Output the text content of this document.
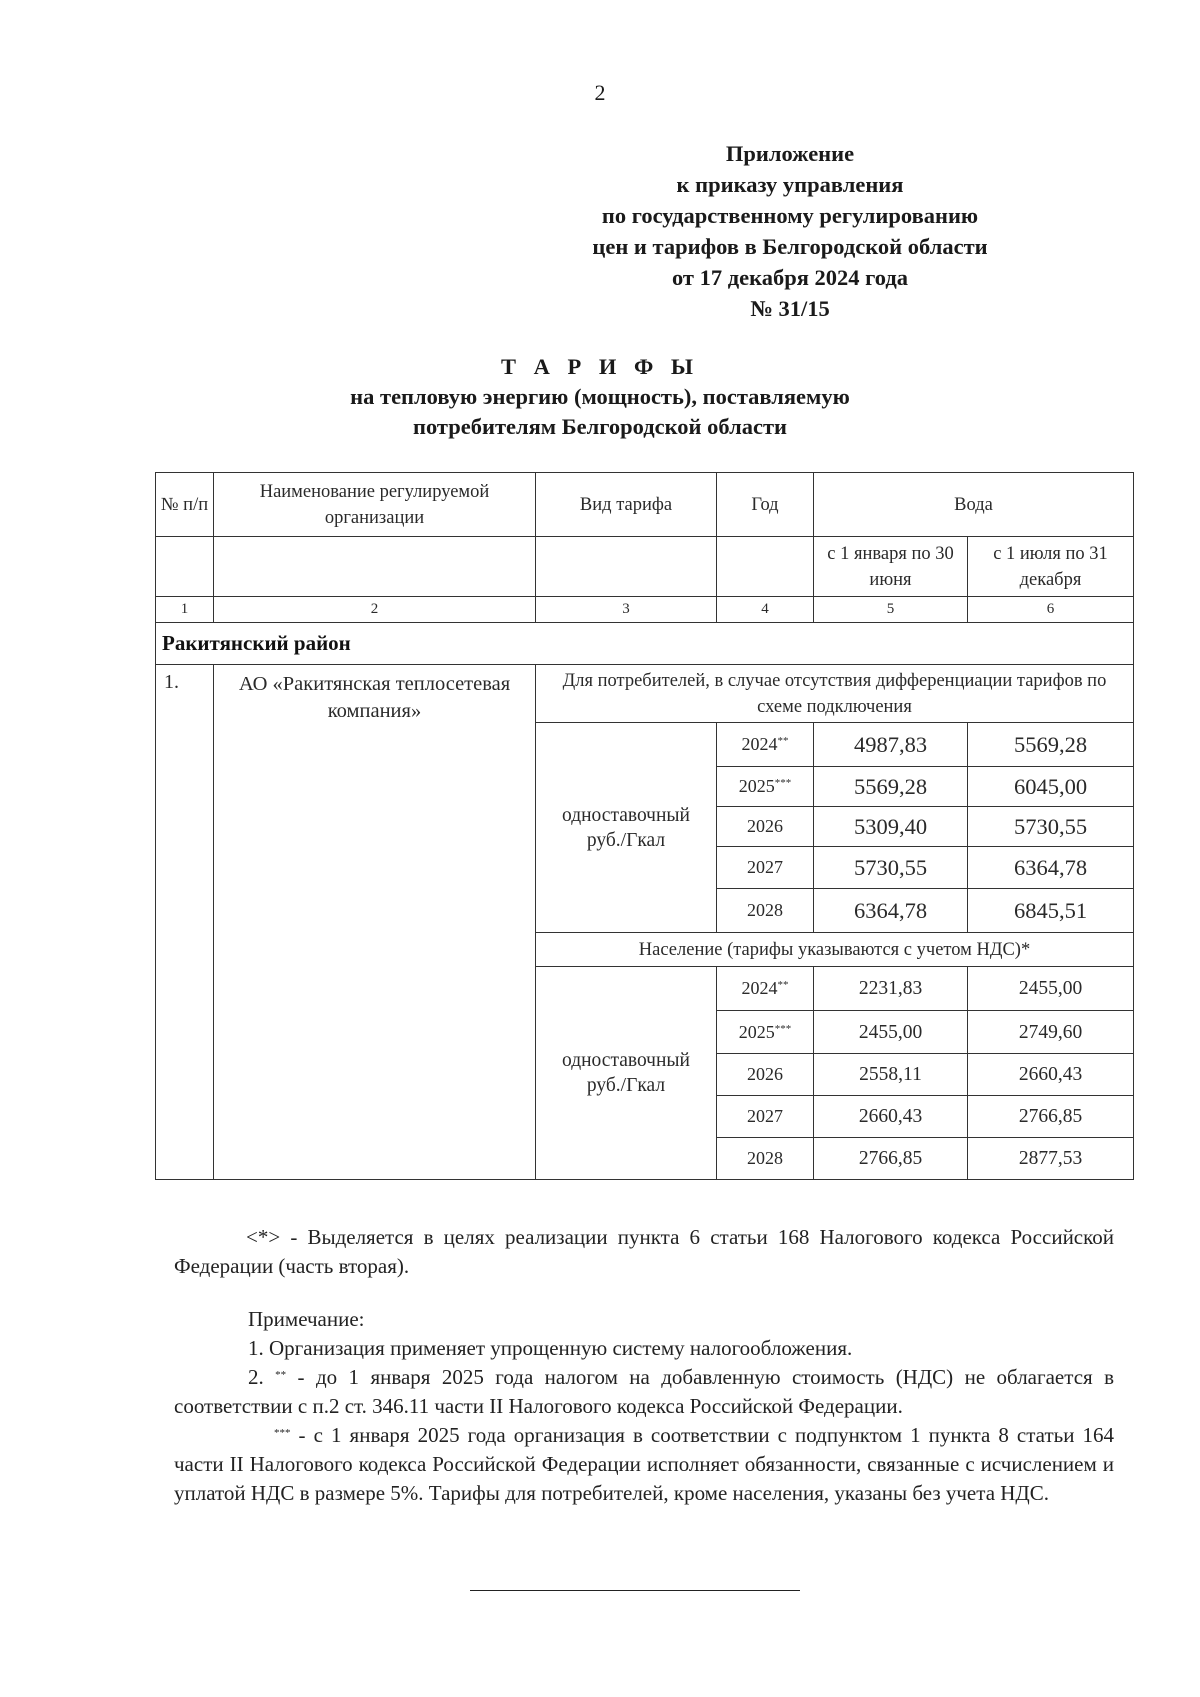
2
Приложение
к приказу управления
по государственному регулированию
цен и тарифов в Белгородской области
от 17 декабря 2024 года
№ 31/15
Т А Р И Ф Ы
на тепловую энергию (мощность), поставляемую
потребителям Белгородской области
№ п/п	Наименование регулируемой организации	Вид тарифа	Год	Вода	
				с 1 января по 30 июня	с 1 июля по 31 декабря
1	2	3	4	5	6
Ракитянский район					
1.	АО «Ракитянская теплосетевая компания»	Для потребителей, в случае отсутствия дифференциации тарифов по схеме подключения			
		одноставочный руб./Гкал	2024**	4987,83	5569,28
			2025***	5569,28	6045,00
			2026	5309,40	5730,55
			2027	5730,55	6364,78
			2028	6364,78	6845,51
		Население (тарифы указываются с учетом НДС)*			
		одноставочный руб./Гкал	2024**	2231,83	2455,00
			2025***	2455,00	2749,60
			2026	2558,11	2660,43
			2027	2660,43	2766,85
			2028	2766,85	2877,53
<*> - Выделяется в целях реализации пункта 6 статьи 168 Налогового кодекса Российской Федерации (часть вторая).

Примечание:

1. Организация применяет упрощенную систему налогообложения.

2. ** - до 1 января 2025 года налогом на добавленную стоимость (НДС) не облагается в соответствии с п.2 ст. 346.11 части II Налогового кодекса Российской Федерации.

*** - с 1 января 2025 года организация в соответствии с подпунктом 1 пункта 8 статьи 164 части II Налогового кодекса Российской Федерации исполняет обязанности, связанные с исчислением и уплатой НДС в размере 5%. Тарифы для потребителей, кроме населения, указаны без учета НДС.
